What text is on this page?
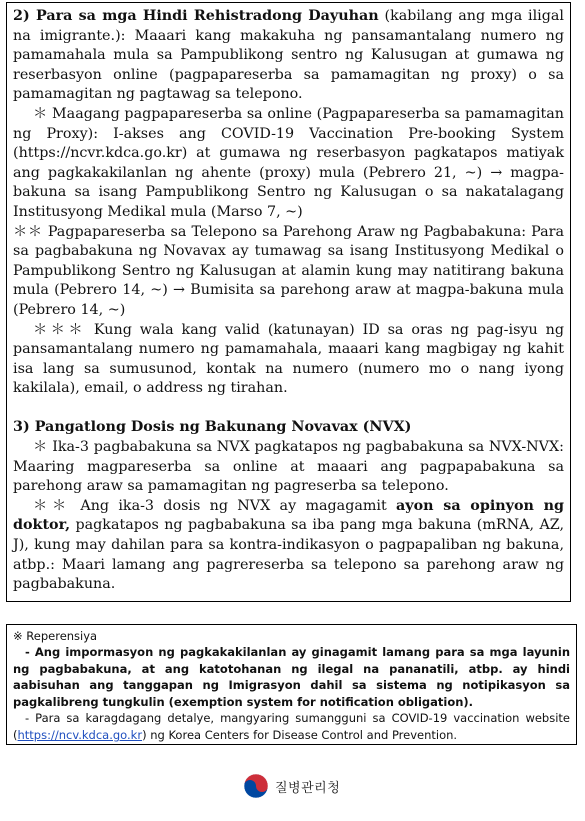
2) Para sa mga Hindi Rehistradong Dayuhan (kabilang ang mga iligal na imigrante.): Maaari kang makakuha ng pansamantalang numero ng pamamahala mula sa Pampublikong sentro ng Kalusugan at gumawa ng reserbasyon online (pagpapareserba sa pamamagitan ng proxy) o sa pamamagitan ng pagtawag sa telepono.

＊ Maagang pagpapareserba sa online (Pagpapareserba sa pamamagitan ng Proxy): I-akses ang COVID-19 Vaccination Pre-booking System (https://ncvr.kdca.go.kr) at gumawa ng reserbasyon pagkatapos matiyak ang pagkakakilanlan ng ahente (proxy) mula (Pebrero 21, ~) → magpa-bakuna sa isang Pampublikong Sentro ng Kalusugan o sa nakatalagang Institusyong Medikal mula (Marso 7, ~)

＊＊ Pagpapareserba sa Telepono sa Parehong Araw ng Pagbabakuna: Para sa pagbabakuna ng Novavax ay tumawag sa isang Institusyong Medikal o Pampublikong Sentro ng Kalusugan at alamin kung may natitirang bakuna mula (Pebrero 14, ~) → Bumisita sa parehong araw at magpa-bakuna mula (Pebrero 14, ~)

＊＊＊ Kung wala kang valid (katunayan) ID sa oras ng pag-isyu ng pansamantalang numero ng pamamahala, maaari kang magbigay ng kahit isa lang sa sumusunod, kontak na numero (numero mo o nang iyong kakilala), email, o address ng tirahan.

3) Pangatlong Dosis ng Bakunang Novavax (NVX)

＊ Ika-3 pagbabakuna sa NVX pagkatapos ng pagbabakuna sa NVX-NVX: Maaring magpareserba sa online at maaari ang pagpapabakuna sa parehong araw sa pamamagitan ng pagreserba sa telepono.

＊＊ Ang ika-3 dosis ng NVX ay magagamit ayon sa opinyon ng doktor, pagkatapos ng pagbabakuna sa iba pang mga bakuna (mRNA, AZ, J), kung may dahilan para sa kontra-indikasyon o pagpapaliban ng bakuna, atbp.: Maari lamang ang pagrereserba sa telepono sa parehong araw ng pagbabakuna.

※ Reperensiya

- Ang impormasyon ng pagkakakilanlan ay ginagamit lamang para sa mga layunin ng pagbabakuna, at ang katotohanan ng ilegal na pananatili, atbp. ay hindi aabisuhan ang tanggapan ng Imigrasyon dahil sa sistema ng notipikasyon sa pagkalibreng tungkulin (exemption system for notification obligation).

- Para sa karagdagang detalye, mangyaring sumangguni sa COVID-19 vaccination website (https://ncv.kdca.go.kr) ng Korea Centers for Disease Control and Prevention.

질병관리청
